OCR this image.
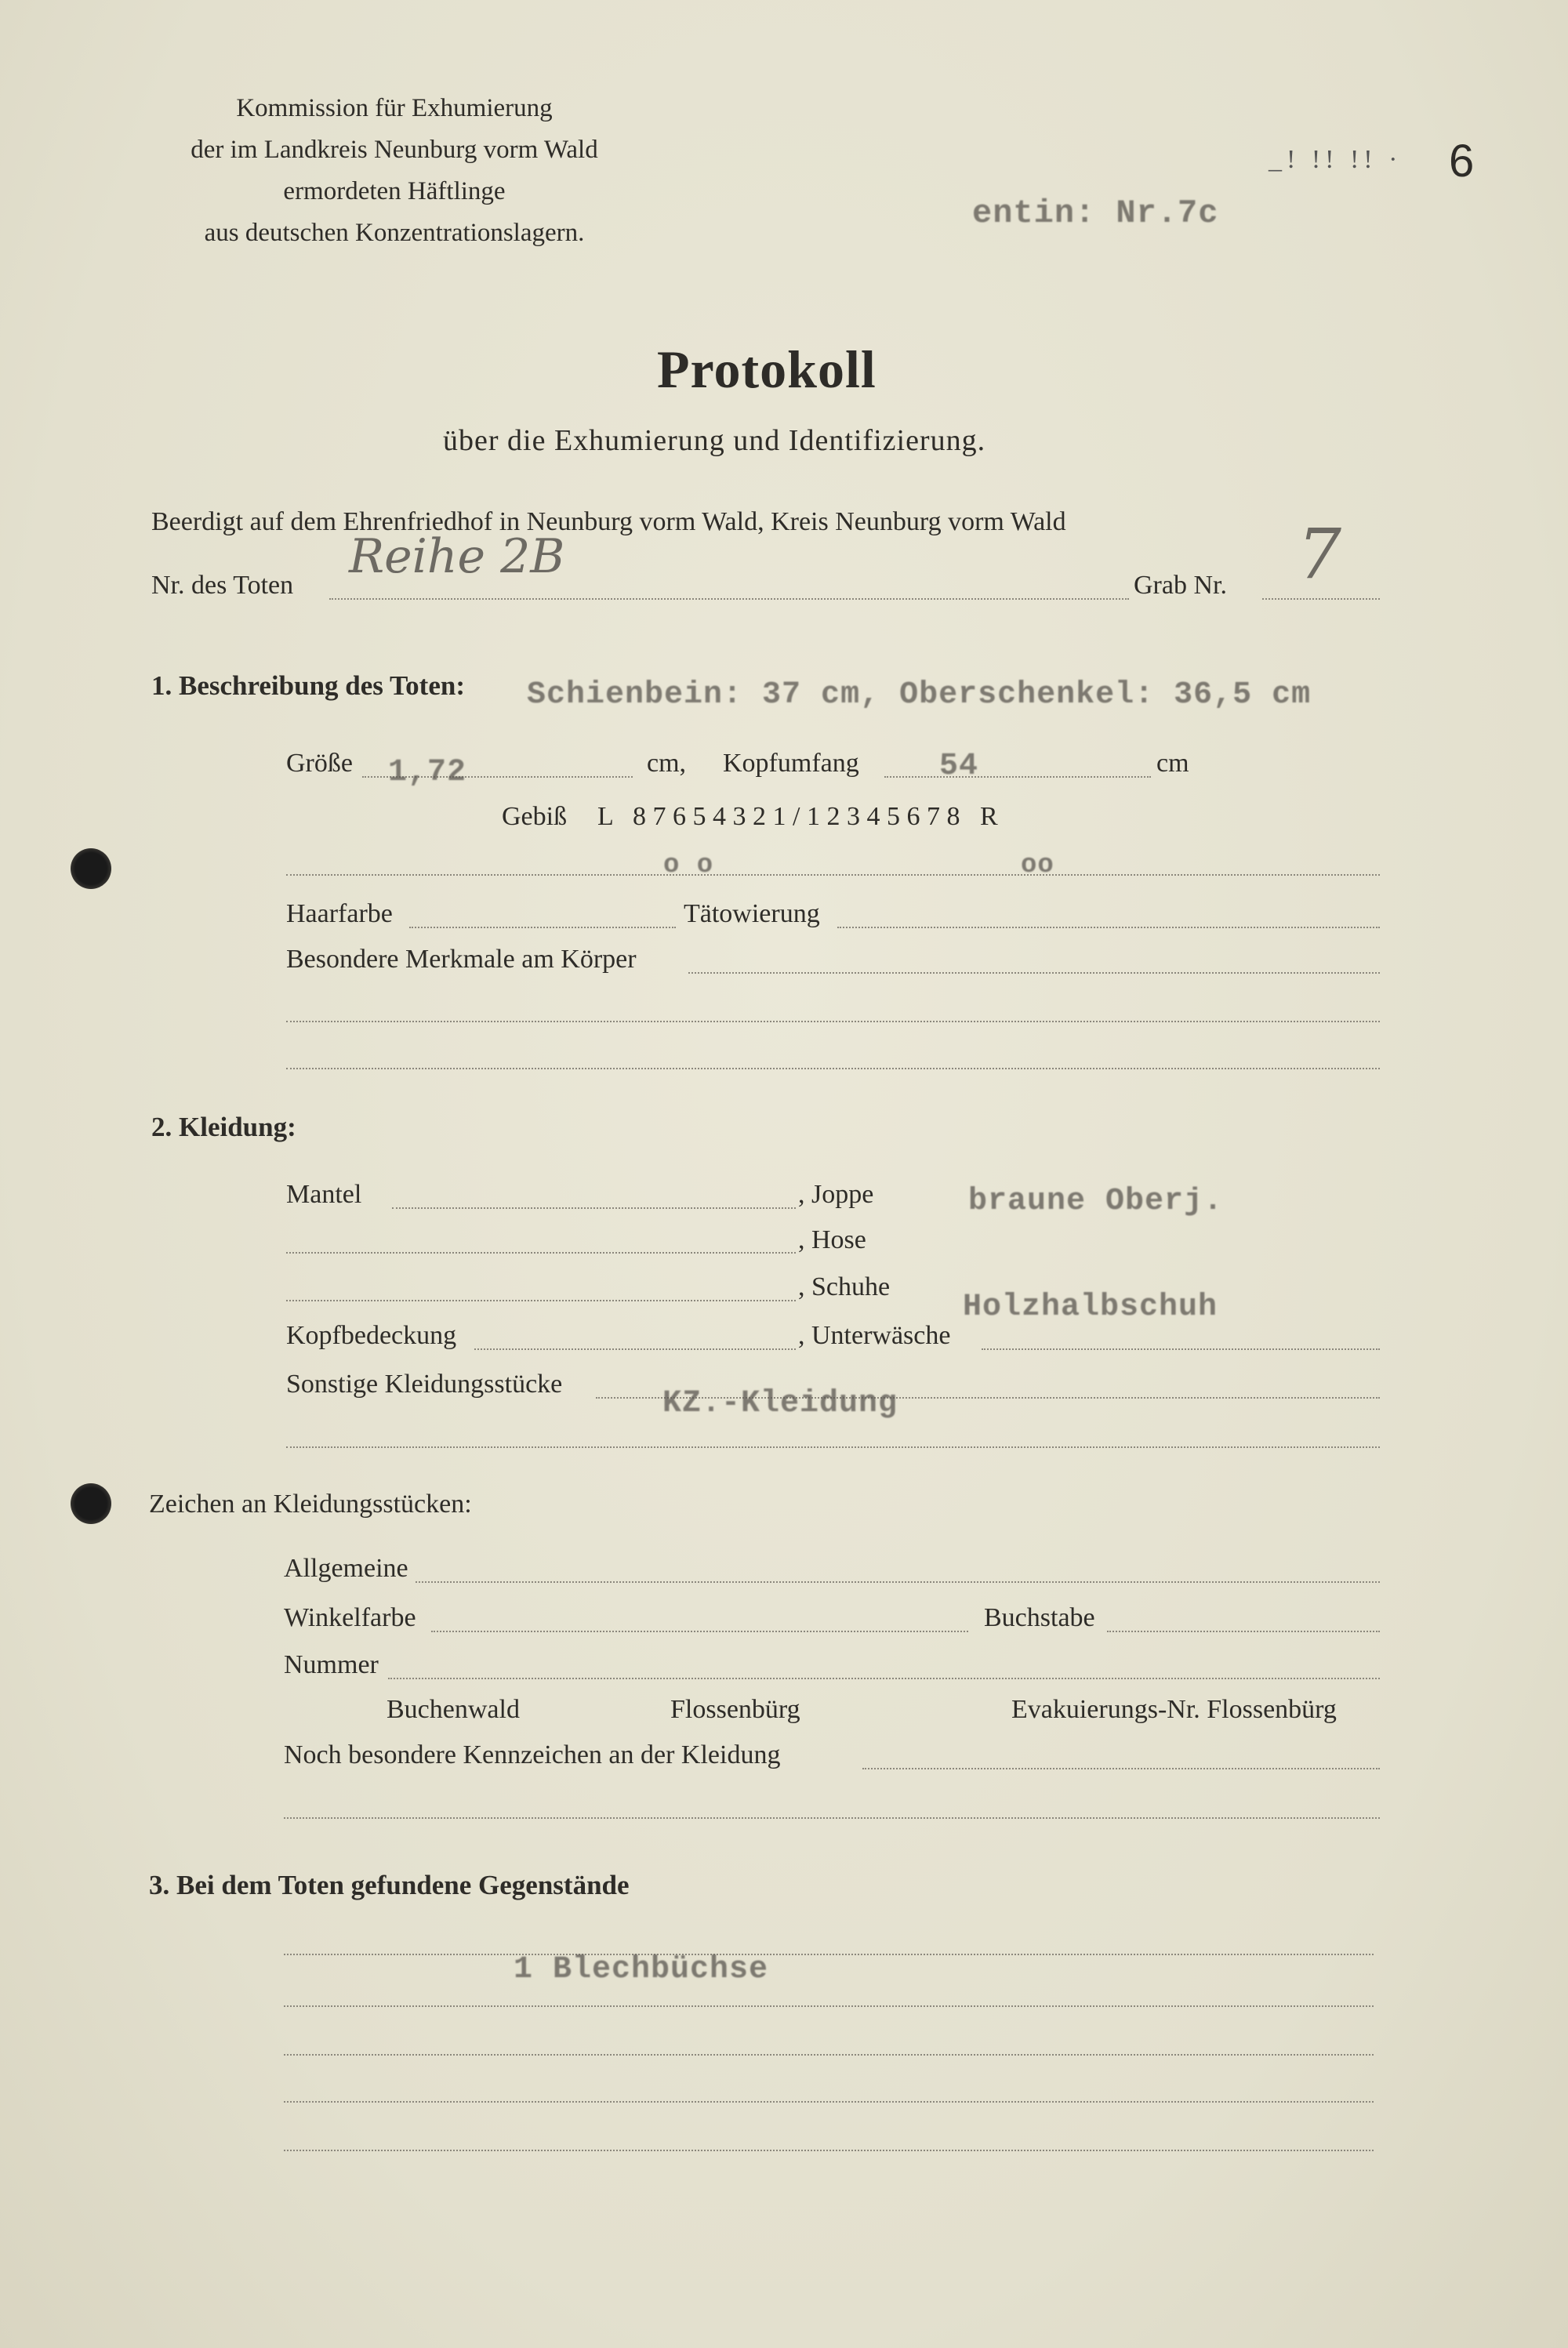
Kommission für Exhumierung
der im Landkreis Neunburg vorm Wald
ermordeten Häftlinge
aus deutschen Konzentrationslagern.
entin: Nr.7c
_! !! !! · 6
Protokoll
über die Exhumierung und Identifizierung.
Beerdigt auf dem Ehrenfriedhof in Neunburg vorm Wald, Kreis Neunburg vorm Wald
Nr. des Toten
Reihe 2B
Grab Nr. 7
1. Beschreibung des Toten: Schienbein: 37 cm, Oberschenkel: 36,5 cm
Größe 1,72	cm, Kopfumfang	54	cm
Gebiß L   8 7 6 5 4 3 2 1 / 1 2 3 4 5 6 7 8   R
o o	oo
Haarfarbe	Tätowierung
Besondere Merkmale am Körper
2. Kleidung:
Mantel	, Joppe	braune Oberj.
, Hose
, Schuhe
Holzhalbschuh
Kopfbedeckung	, Unterwäsche
Sonstige Kleidungsstücke
KZ.-Kleidung
Zeichen an Kleidungsstücken:
Allgemeine
Winkelfarbe	Buchstabe
Nummer
Buchenwald	Flossenbürg	Evakuierungs-Nr. Flossenbürg
Noch besondere Kennzeichen an der Kleidung
3. Bei dem Toten gefundene Gegenstände
1 Blechbüchse
